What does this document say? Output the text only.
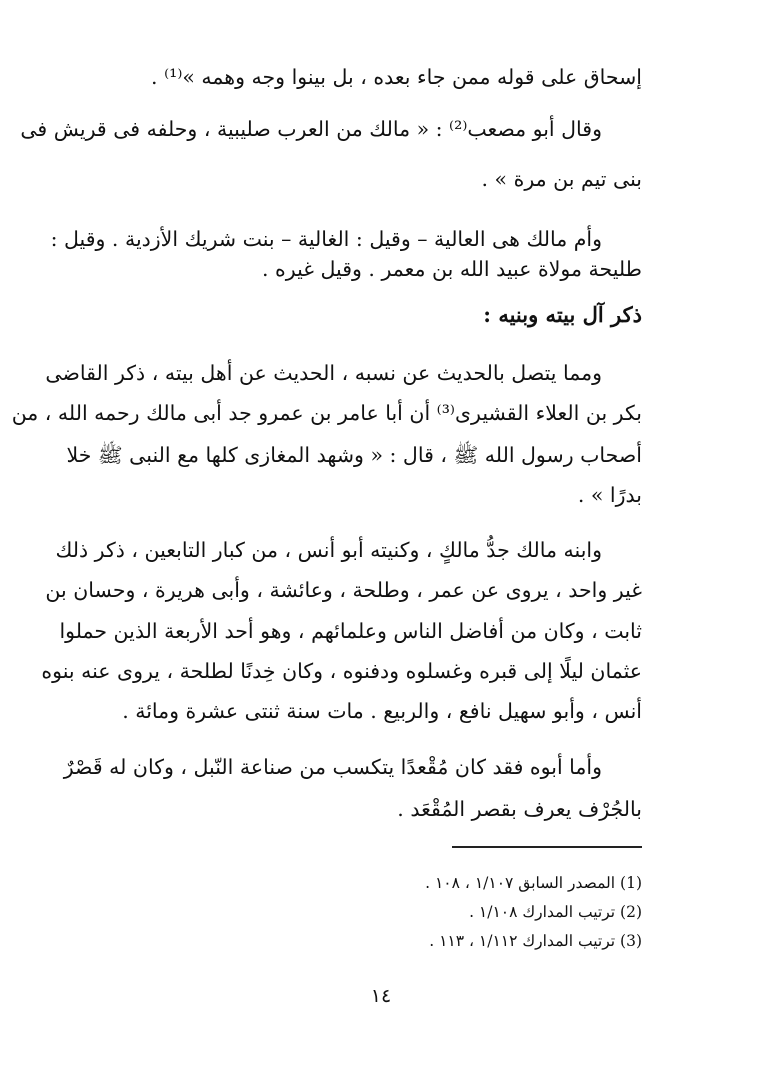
إسحاق على قوله ممن جاء بعده ، بل بينوا وجه وهمه »⁽¹⁾ .
وقال أبو مصعب⁽²⁾ : « مالك من العرب صليبية ، وحلفه فى قريش فى
بنى تيم بن مرة » .
وأم مالك هى العالية – وقيل : الغالية – بنت شريك الأزدية . وقيل :
طليحة مولاة عبيد الله بن معمر . وقيل غيره .
ذكر آل بيته وبنيه :
ومما يتصل بالحديث عن نسبه ، الحديث عن أهل بيته ، ذكر القاضى
بكر بن العلاء القشيرى⁽³⁾ أن أبا عامر بن عمرو جد أبى مالك رحمه الله ، من
أصحاب رسول الله ﷺ ، قال : « وشهد المغازى كلها مع النبى ﷺ خلا
بدرًا » .
وابنه مالك جدُّ مالكٍ ، وكنيته أبو أنس ، من كبار التابعين ، ذكر ذلك
غير واحد ، يروى عن عمر ، وطلحة ، وعائشة ، وأبى هريرة ، وحسان بن
ثابت ، وكان من أفاضل الناس وعلمائهم ، وهو أحد الأربعة الذين حملوا
عثمان ليلًا إلى قبره وغسلوه ودفنوه ، وكان خِدنًا لطلحة ، يروى عنه بنوه
أنس ، وأبو سهيل نافع ، والربيع . مات سنة ثنتى عشرة ومائة .
وأما أبوه فقد كان مُقْعدًا يتكسب من صناعة النّبل ، وكان له قَصْرٌ
بالجُرْف يعرف بقصر المُقْعَد .
(1) المصدر السابق ١/١٠٧ ، ١٠٨ .
(2) ترتيب المدارك ١/١٠٨ .
(3) ترتيب المدارك ١/١١٢ ، ١١٣ .
١٤
